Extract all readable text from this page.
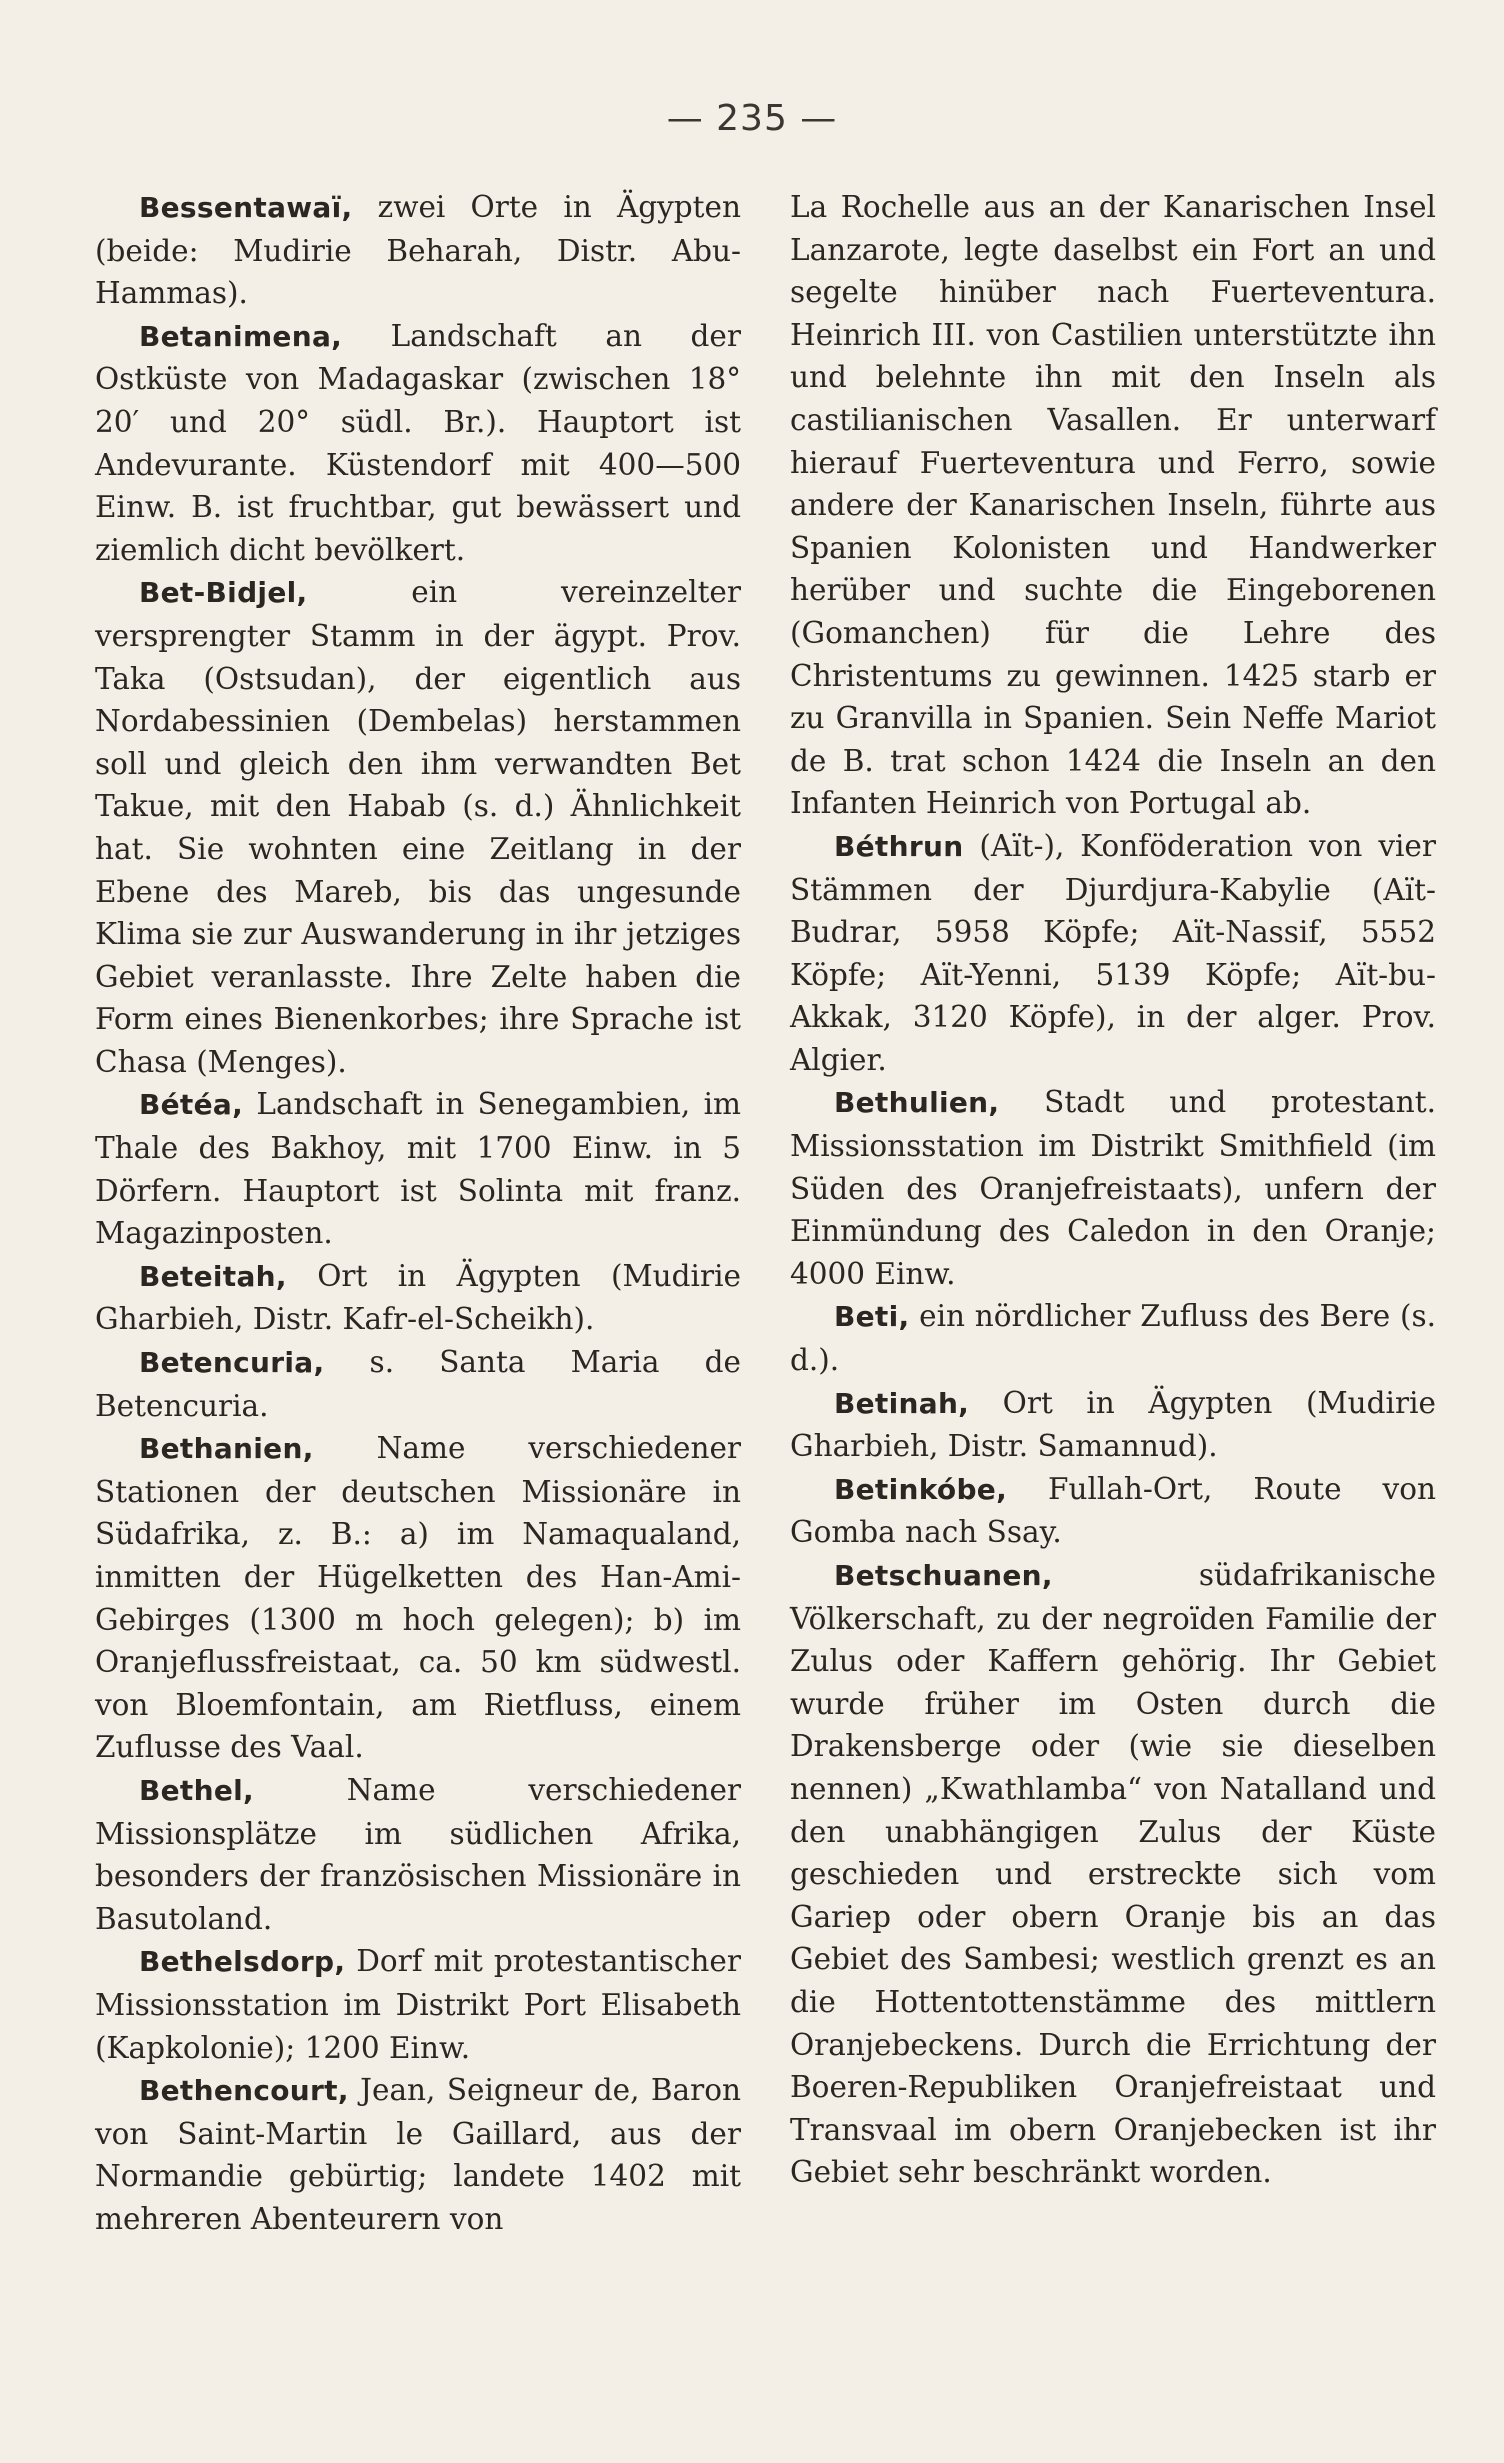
— 235 —

Bessentawaï, zwei Orte in Ägypten (beide: Mudirie Beharah, Distr. Abu-Hammas).

Betanimena, Landschaft an der Ostküste von Madagaskar (zwischen 18° 20′ und 20° südl. Br.). Hauptort ist Andevurante. Küstendorf mit 400—500 Einw. B. ist fruchtbar, gut bewässert und ziemlich dicht bevölkert.

Bet-Bidjel, ein vereinzelter versprengter Stamm in der ägypt. Prov. Taka (Ostsudan), der eigentlich aus Nordabessinien (Dembelas) herstammen soll und gleich den ihm verwandten Bet Takue, mit den Habab (s. d.) Ähnlichkeit hat. Sie wohnten eine Zeitlang in der Ebene des Mareb, bis das ungesunde Klima sie zur Auswanderung in ihr jetziges Gebiet veranlasste. Ihre Zelte haben die Form eines Bienenkorbes; ihre Sprache ist Chasa (Menges).

Bétéa, Landschaft in Senegambien, im Thale des Bakhoy, mit 1700 Einw. in 5 Dörfern. Hauptort ist Solinta mit franz. Magazinposten.

Beteitah, Ort in Ägypten (Mudirie Gharbieh, Distr. Kafr-el-Scheikh).

Betencuria, s. Santa Maria de Betencuria.

Bethanien, Name verschiedener Stationen der deutschen Missionäre in Südafrika, z. B.: a) im Namaqualand, inmitten der Hügelketten des Han-Ami-Gebirges (1300 m hoch gelegen); b) im Oranjeflussfreistaat, ca. 50 km südwestl. von Bloemfontain, am Rietfluss, einem Zuflusse des Vaal.

Bethel, Name verschiedener Missionsplätze im südlichen Afrika, besonders der französischen Missionäre in Basutoland.

Bethelsdorp, Dorf mit protestantischer Missionsstation im Distrikt Port Elisabeth (Kapkolonie); 1200 Einw.

Bethencourt, Jean, Seigneur de, Baron von Saint-Martin le Gaillard, aus der Normandie gebürtig; landete 1402 mit mehreren Abenteurern von

La Rochelle aus an der Kanarischen Insel Lanzarote, legte daselbst ein Fort an und segelte hinüber nach Fuerteventura. Heinrich III. von Castilien unterstützte ihn und belehnte ihn mit den Inseln als castilianischen Vasallen. Er unterwarf hierauf Fuerteventura und Ferro, sowie andere der Kanarischen Inseln, führte aus Spanien Kolonisten und Handwerker herüber und suchte die Eingeborenen (Gomanchen) für die Lehre des Christentums zu gewinnen. 1425 starb er zu Granvilla in Spanien. Sein Neffe Mariot de B. trat schon 1424 die Inseln an den Infanten Heinrich von Portugal ab.

Béthrun (Aït-), Konföderation von vier Stämmen der Djurdjura-Kabylie (Aït-Budrar, 5958 Köpfe; Aït-Nassif, 5552 Köpfe; Aït-Yenni, 5139 Köpfe; Aït-bu-Akkak, 3120 Köpfe), in der alger. Prov. Algier.

Bethulien, Stadt und protestant. Missionsstation im Distrikt Smithfield (im Süden des Oranjefreistaats), unfern der Einmündung des Caledon in den Oranje; 4000 Einw.

Beti, ein nördlicher Zufluss des Bere (s. d.).

Betinah, Ort in Ägypten (Mudirie Gharbieh, Distr. Samannud).

Betinkóbe, Fullah-Ort, Route von Gomba nach Ssay.

Betschuanen, südafrikanische Völkerschaft, zu der negroïden Familie der Zulus oder Kaffern gehörig. Ihr Gebiet wurde früher im Osten durch die Drakensberge oder (wie sie dieselben nennen) „Kwathlamba“ von Natalland und den unabhängigen Zulus der Küste geschieden und erstreckte sich vom Gariep oder obern Oranje bis an das Gebiet des Sambesi; westlich grenzt es an die Hottentottenstämme des mittlern Oranjebeckens. Durch die Errichtung der Boeren-Republiken Oranjefreistaat und Transvaal im obern Oranjebecken ist ihr Gebiet sehr beschränkt worden.
